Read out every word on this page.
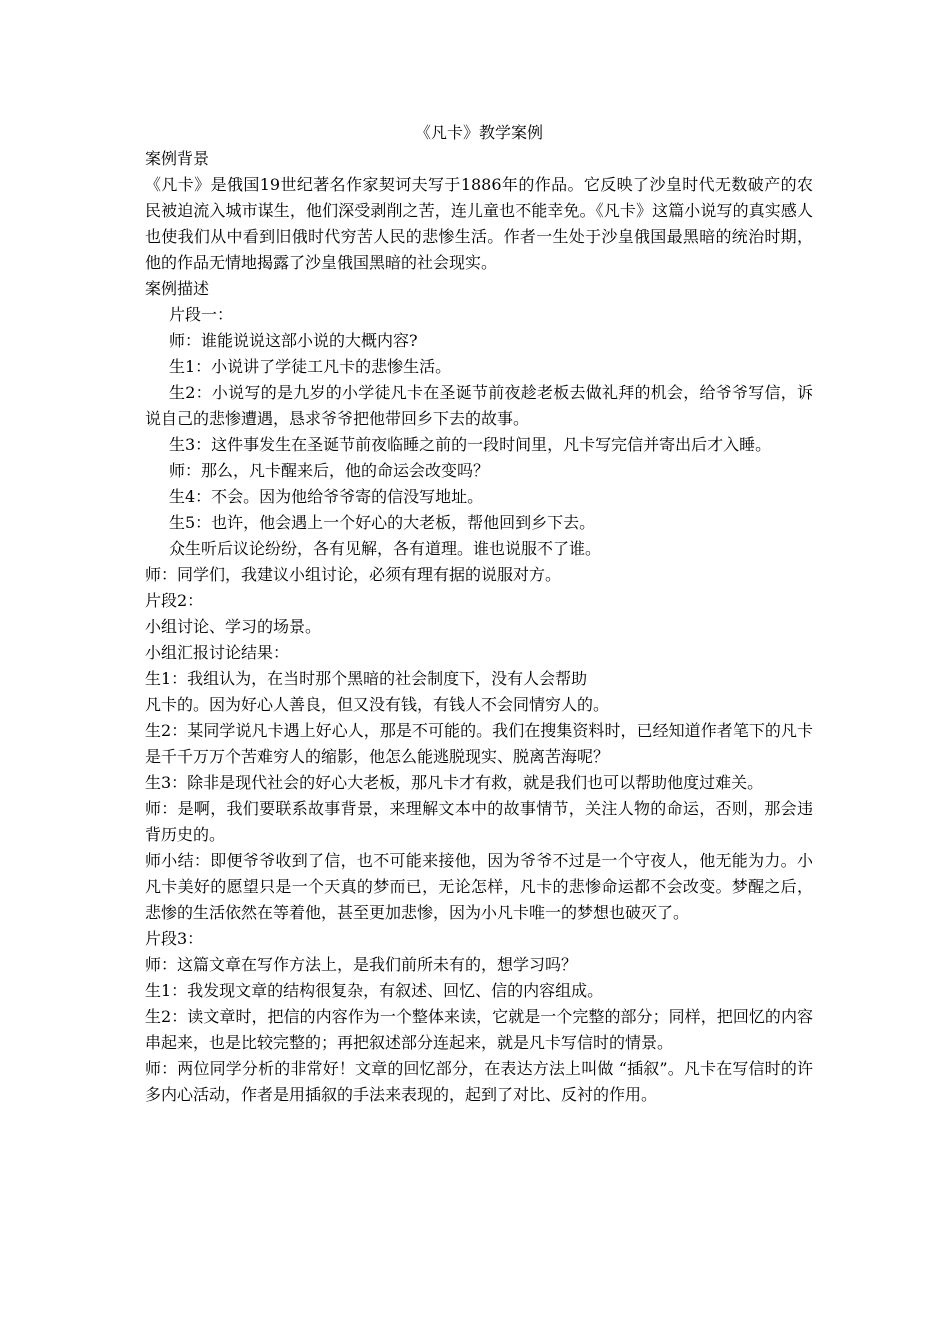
《凡卡》教学案例

案例背景

《凡卡》是俄国19世纪著名作家契诃夫写于1886年的作品。它反映了沙皇时代无数破产的农民被迫流入城市谋生，他们深受剥削之苦，连儿童也不能幸免。《凡卡》这篇小说写的真实感人也使我们从中看到旧俄时代穷苦人民的悲惨生活。作者一生处于沙皇俄国最黑暗的统治时期，他的作品无情地揭露了沙皇俄国黑暗的社会现实。

案例描述

片段一：

师：谁能说说这部小说的大概内容?

生1：小说讲了学徒工凡卡的悲惨生活。

生2：小说写的是九岁的小学徒凡卡在圣诞节前夜趁老板去做礼拜的机会，给爷爷写信，诉说自己的悲惨遭遇，恳求爷爷把他带回乡下去的故事。

生3：这件事发生在圣诞节前夜临睡之前的一段时间里，凡卡写完信并寄出后才入睡。

师：那么，凡卡醒来后，他的命运会改变吗？

生4：不会。因为他给爷爷寄的信没写地址。

生5：也许，他会遇上一个好心的大老板，帮他回到乡下去。

众生听后议论纷纷，各有见解，各有道理。谁也说服不了谁。

师：同学们，我建议小组讨论，必须有理有据的说服对方。

片段2：

小组讨论、学习的场景。

小组汇报讨论结果：

生1：我组认为，在当时那个黑暗的社会制度下，没有人会帮助

凡卡的。因为好心人善良，但又没有钱，有钱人不会同情穷人的。

生2：某同学说凡卡遇上好心人，那是不可能的。我们在搜集资料时，已经知道作者笔下的凡卡是千千万万个苦难穷人的缩影，他怎么能逃脱现实、脱离苦海呢？

生3：除非是现代社会的好心大老板，那凡卡才有救，就是我们也可以帮助他度过难关。

师：是啊，我们要联系故事背景，来理解文本中的故事情节，关注人物的命运，否则，那会违背历史的。

师小结：即便爷爷收到了信，也不可能来接他，因为爷爷不过是一个守夜人，他无能为力。小凡卡美好的愿望只是一个天真的梦而已，无论怎样，凡卡的悲惨命运都不会改变。梦醒之后，悲惨的生活依然在等着他，甚至更加悲惨，因为小凡卡唯一的梦想也破灭了。

片段3：

师：这篇文章在写作方法上，是我们前所未有的，想学习吗？

生1：我发现文章的结构很复杂，有叙述、回忆、信的内容组成。

生2：读文章时，把信的内容作为一个整体来读，它就是一个完整的部分；同样，把回忆的内容串起来，也是比较完整的；再把叙述部分连起来，就是凡卡写信时的情景。

师：两位同学分析的非常好！文章的回忆部分，在表达方法上叫做 “插叙”。凡卡在写信时的许多内心活动，作者是用插叙的手法来表现的，起到了对比、反衬的作用。
